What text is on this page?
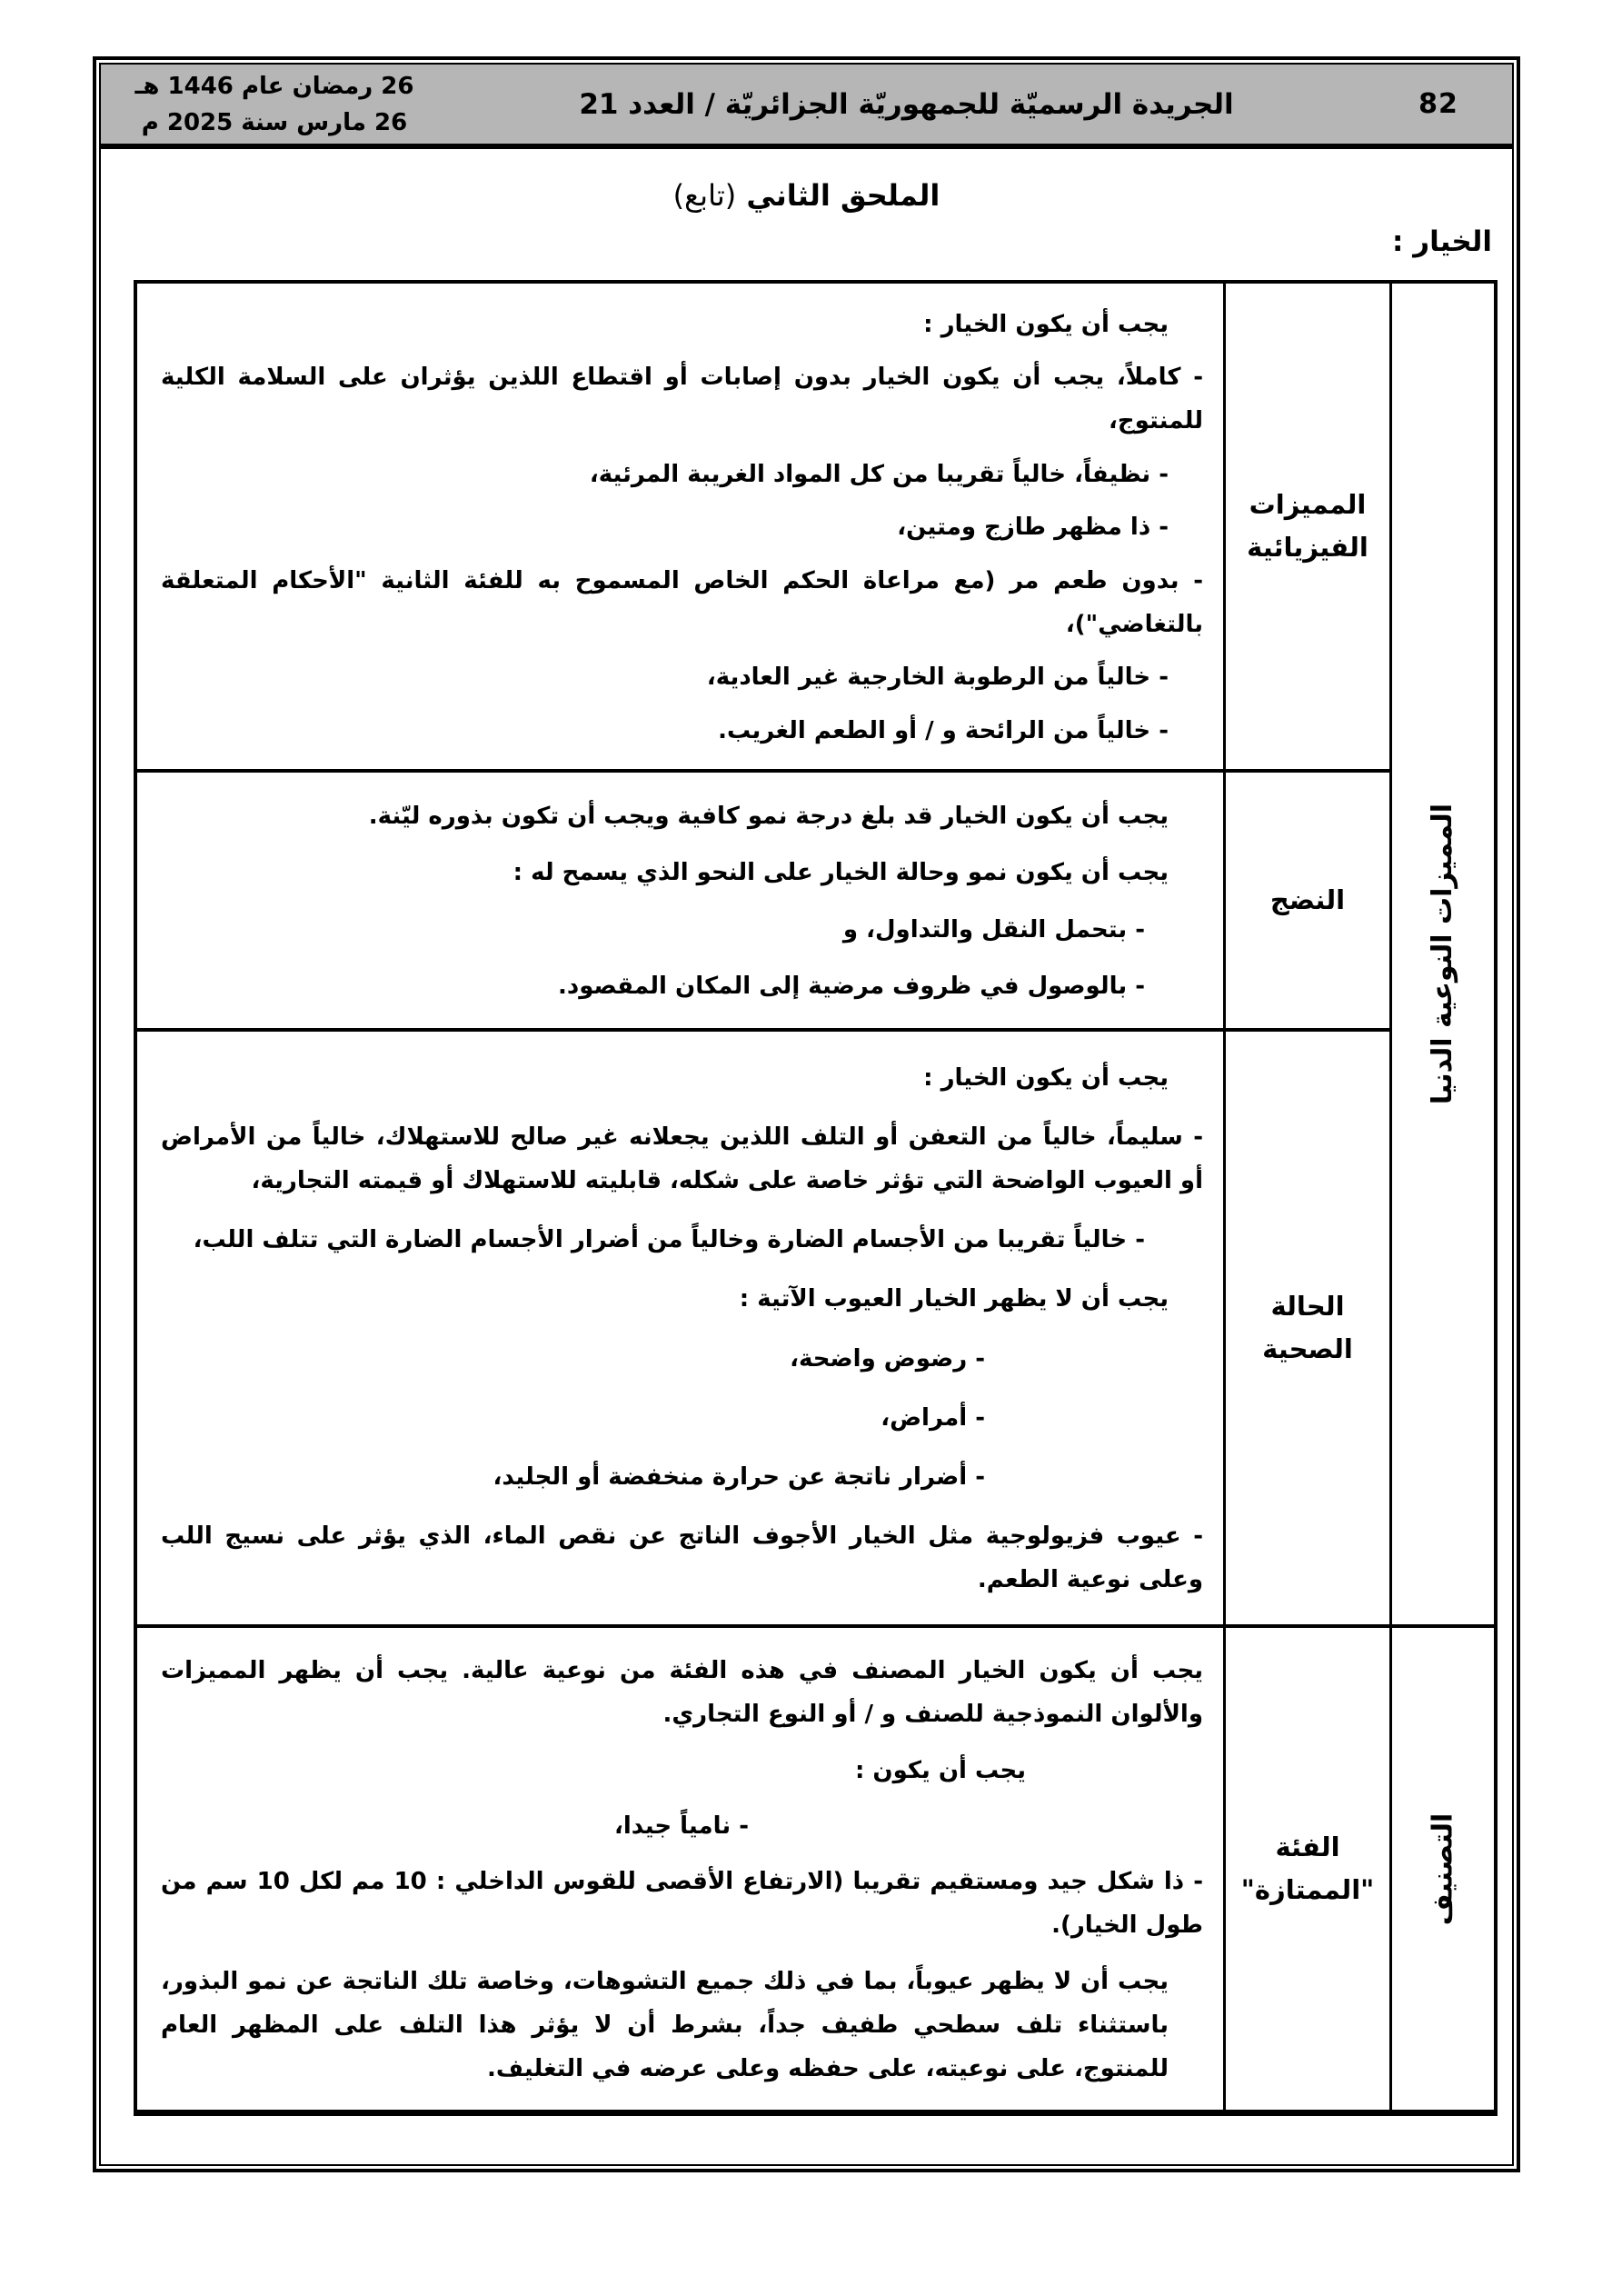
82
الجريدة الرسميّة للجمهوريّة الجزائريّة / العدد 21
26 رمضان عام 1446 هـ
26 مارس سنة 2025 م
الملحق الثاني (تابع)
الخيار :
المميزات النوعية الدنيا
التصنيف
المميزات
الفيزيائية

يجب أن يكون الخيار :

- كاملاً، يجب أن يكون الخيار بدون إصابات أو اقتطاع اللذين يؤثران على السلامة الكلية للمنتوج،

- نظيفاً، خالياً تقريبا من كل المواد الغريبة المرئية،

- ذا مظهر طازج ومتين،

- بدون طعم مر (مع مراعاة الحكم الخاص المسموح به للفئة الثانية "الأحكام المتعلقة بالتغاضي")،

- خالياً من الرطوبة الخارجية غير العادية،

- خالياً من الرائحة و / أو الطعم الغريب.

النضج

يجب أن يكون الخيار قد بلغ درجة نمو كافية ويجب أن تكون بذوره ليّنة.

يجب أن يكون نمو وحالة الخيار على النحو الذي يسمح له :

- بتحمل النقل والتداول، و

- بالوصول في ظروف مرضية إلى المكان المقصود.

الحالة
الصحية

يجب أن يكون الخيار :

- سليماً، خالياً من التعفن أو التلف اللذين يجعلانه غير صالح للاستهلاك، خالياً من الأمراض أو العيوب الواضحة التي تؤثر خاصة على شكله، قابليته للاستهلاك أو قيمته التجارية،

- خالياً تقريبا من الأجسام الضارة وخالياً من أضرار الأجسام الضارة التي تتلف اللب،

يجب أن لا يظهر الخيار العيوب الآتية :

- رضوض واضحة،

- أمراض،

- أضرار ناتجة عن حرارة منخفضة أو الجليد،

- عيوب فزيولوجية مثل الخيار الأجوف الناتج عن نقص الماء، الذي يؤثر على نسيج اللب وعلى نوعية الطعم.

الفئة
"الممتازة"

يجب أن يكون الخيار المصنف في هذه الفئة من نوعية عالية. يجب أن يظهر المميزات والألوان النموذجية للصنف و / أو النوع التجاري.

يجب أن يكون :

- نامياً جيدا،

- ذا شكل جيد ومستقيم تقريبا (الارتفاع الأقصى للقوس الداخلي : 10 مم لكل 10 سم من طول الخيار).

يجب أن لا يظهر عيوباً، بما في ذلك جميع التشوهات، وخاصة تلك الناتجة عن نمو البذور، باستثناء تلف سطحي طفيف جداً، بشرط أن لا يؤثر هذا التلف على المظهر العام للمنتوج، على نوعيته، على حفظه وعلى عرضه في التغليف.
